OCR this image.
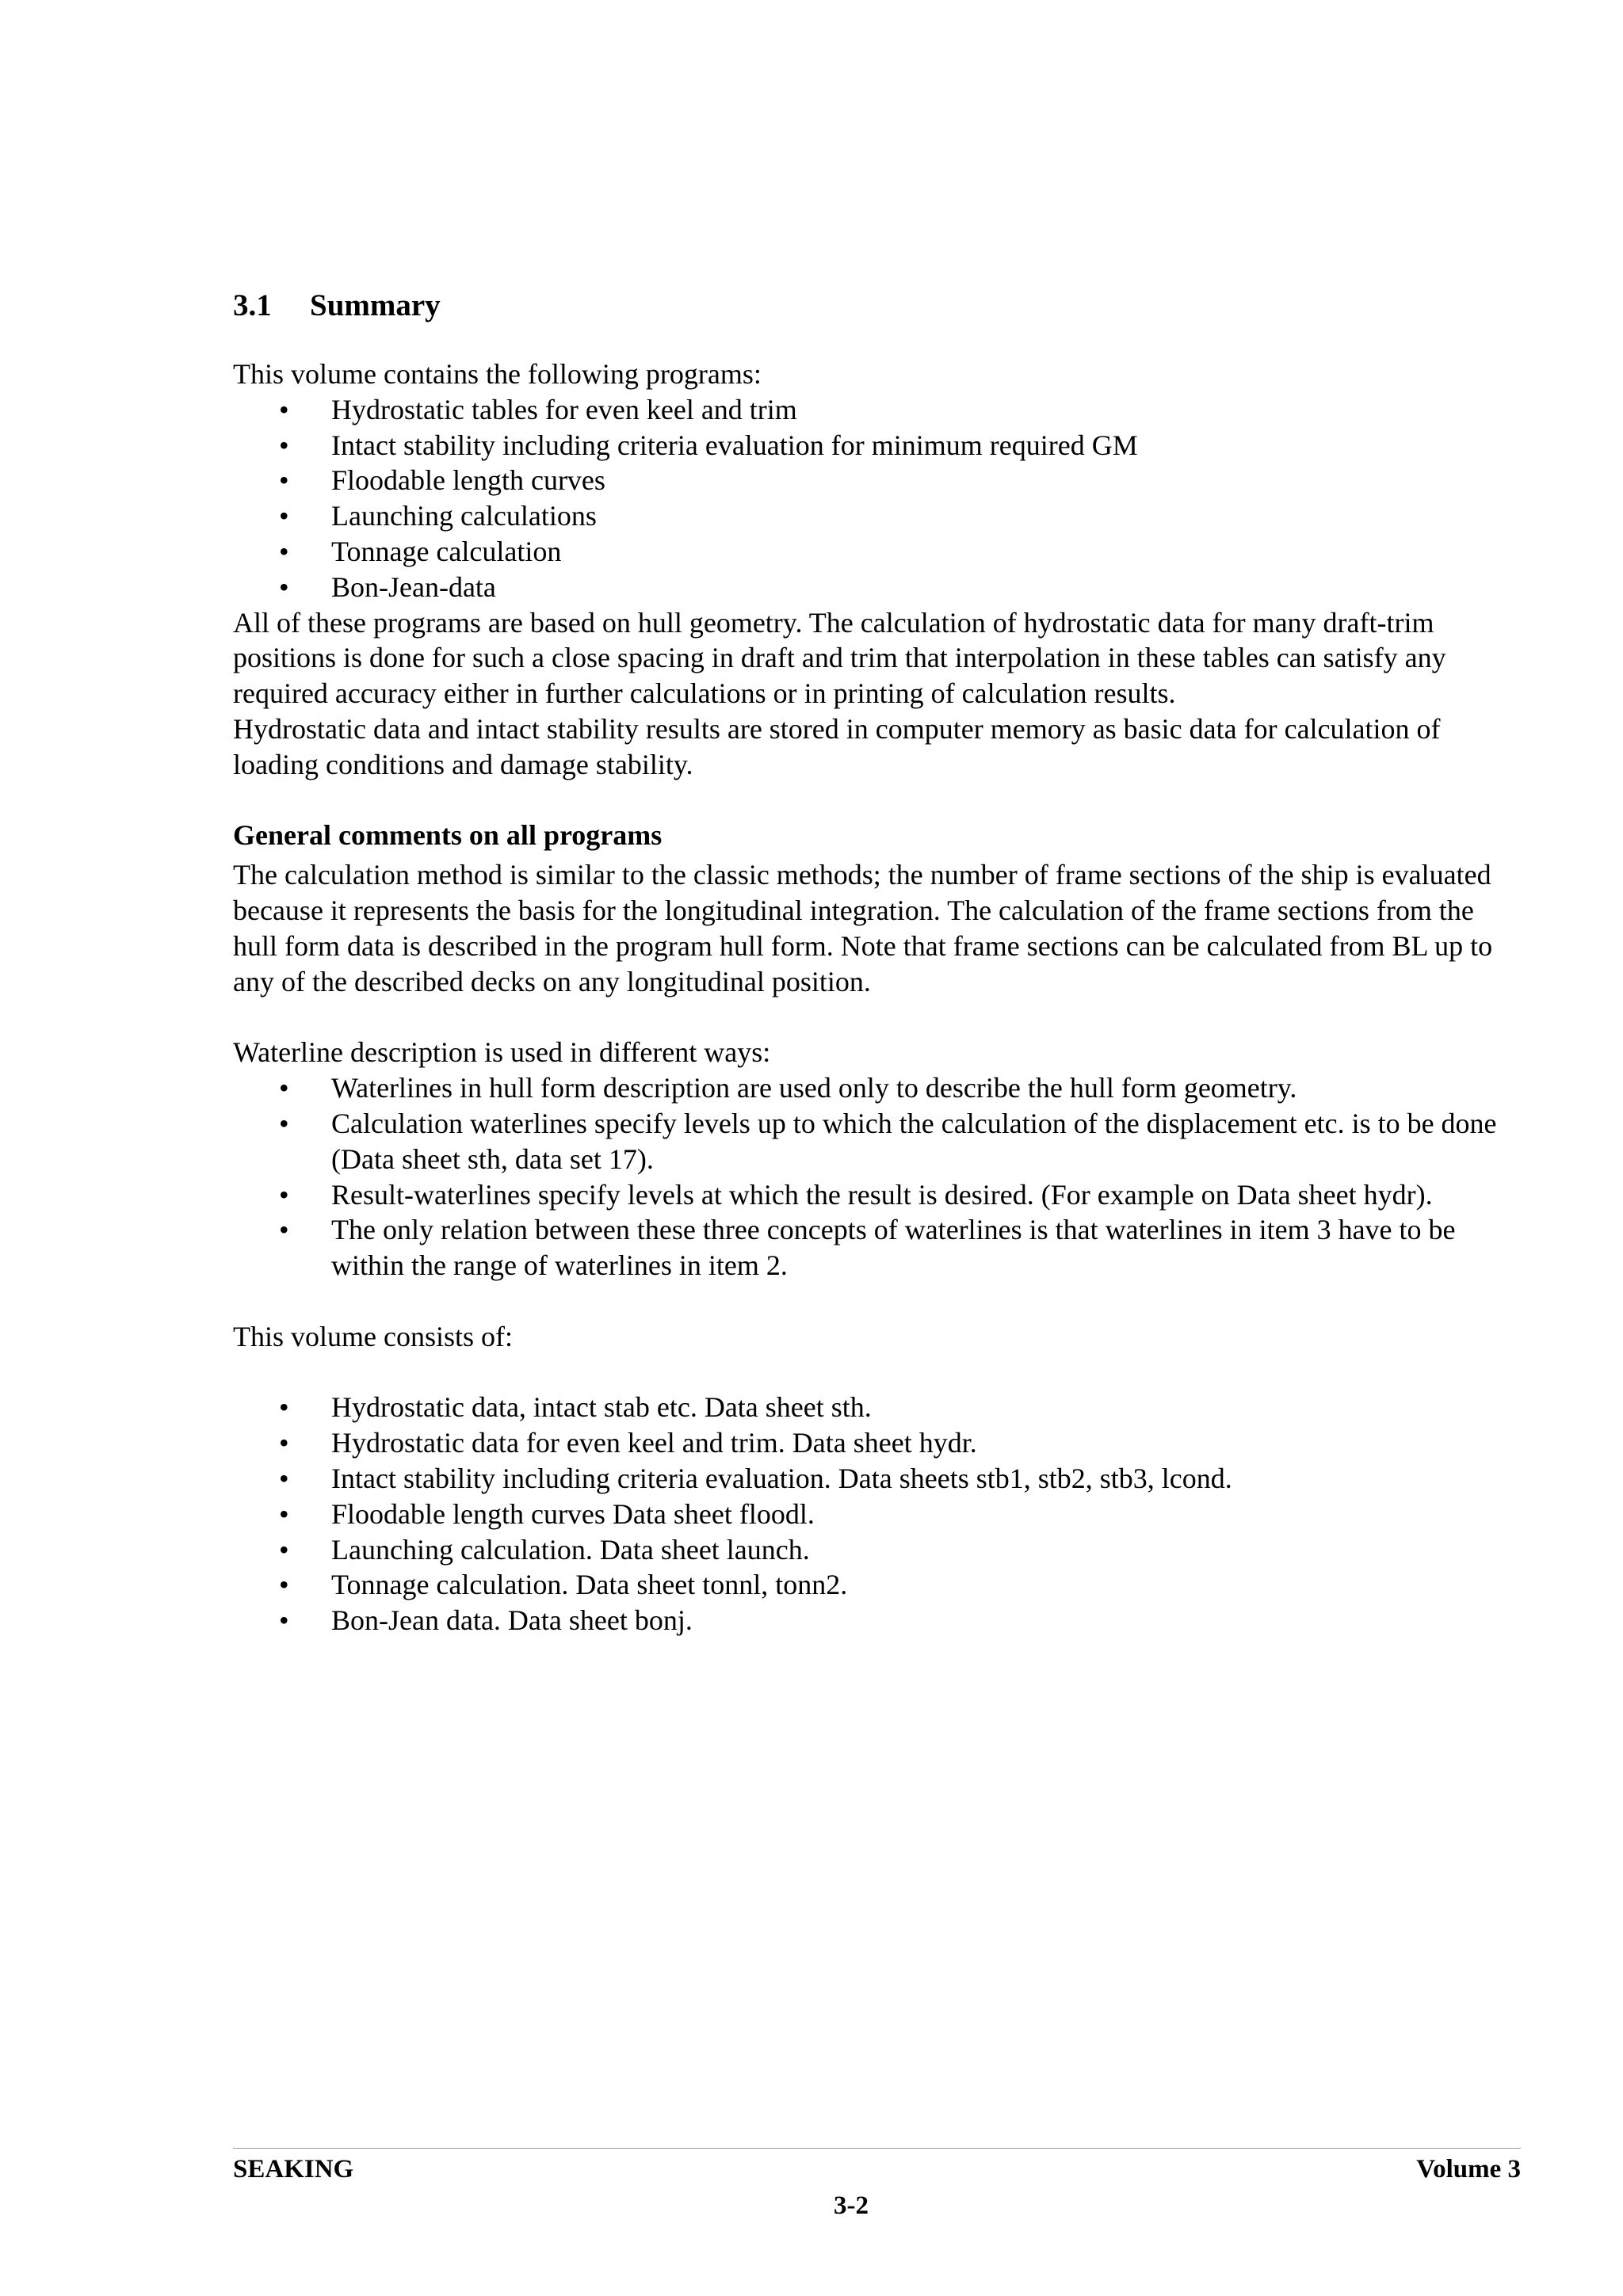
3.1	Summary

This volume contains the following programs:

•	Hydrostatic tables for even keel and trim
•	Intact stability including criteria evaluation for minimum required GM
•	Floodable length curves
•	Launching calculations
•	Tonnage calculation
•	Bon-Jean-data

All of these programs are based on hull geometry. The calculation of hydrostatic data for many draft-trim positions is done for such a close spacing in draft and trim that interpolation in these tables can satisfy any required accuracy either in further calculations or in printing of calculation results.

Hydrostatic data and intact stability results are stored in computer memory as basic data for calculation of loading conditions and damage stability.

General comments on all programs

The calculation method is similar to the classic methods; the number of frame sections of the ship is evaluated because it represents the basis for the longitudinal integration. The calculation of the frame sections from the hull form data is described in the program hull form. Note that frame sections can be calculated from BL up to any of the described decks on any longitudinal position.

Waterline description is used in different ways:

•	Waterlines in hull form description are used only to describe the hull form geometry.
•	Calculation waterlines specify levels up to which the calculation of the displacement etc. is to be done (Data sheet sth, data set 17).
•	Result-waterlines specify levels at which the result is desired. (For example on Data sheet hydr).
•	The only relation between these three concepts of waterlines is that waterlines in item 3 have to be within the range of waterlines in item 2.

This volume consists of:

•	Hydrostatic data, intact stab etc. Data sheet sth.
•	Hydrostatic data for even keel and trim. Data sheet hydr.
•	Intact stability including criteria evaluation. Data sheets stb1, stb2, stb3, lcond.
•	Floodable length curves Data sheet floodl.
•	Launching calculation. Data sheet launch.
•	Tonnage calculation. Data sheet tonnl, tonn2.
•	Bon-Jean data. Data sheet bonj.
SEAKING	Volume 3
3-2
